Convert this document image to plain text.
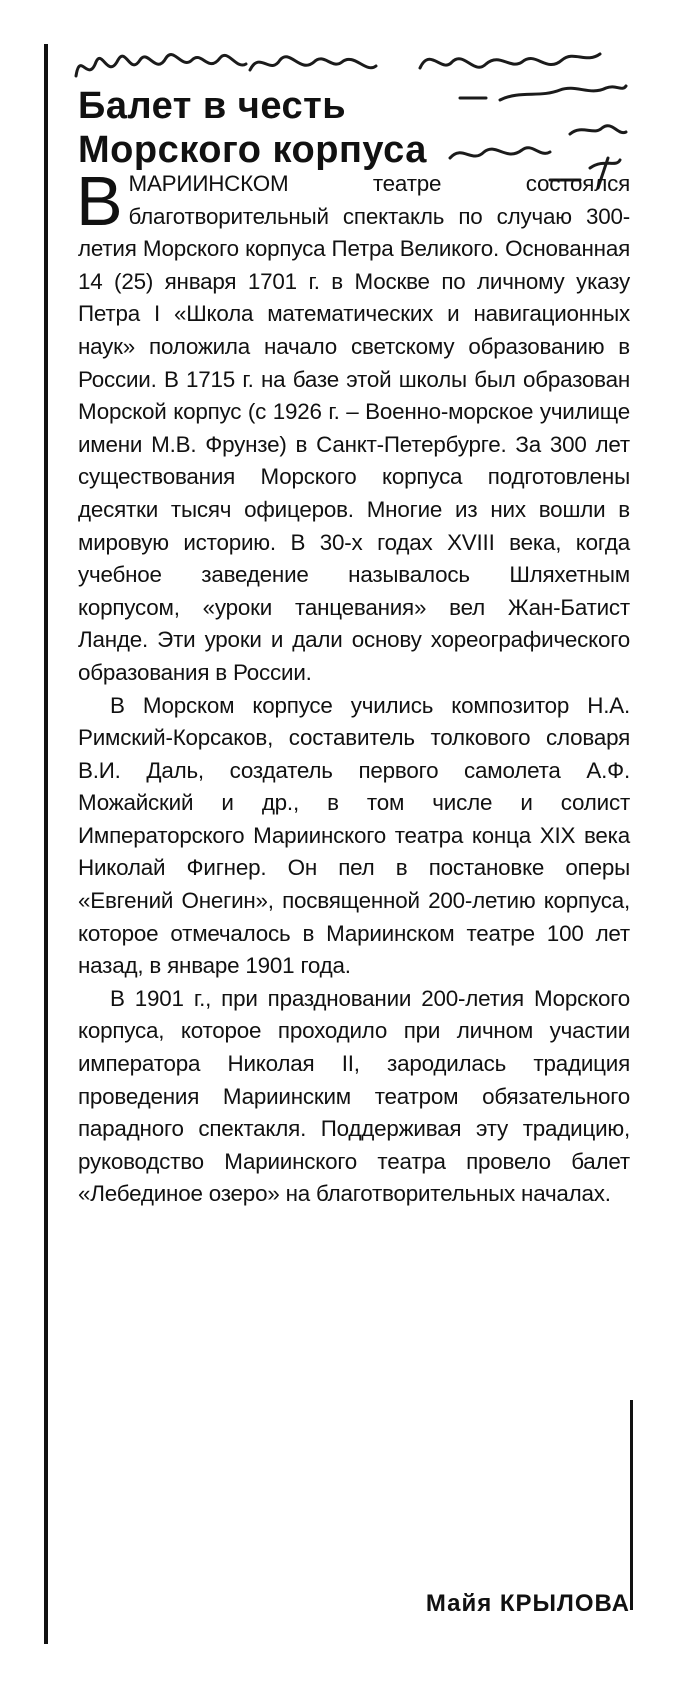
Балет в честь
Морского корпуса

ВМАРИИНСКОМ театре состоялся благотворительный спектакль по случаю 300-летия Морского корпуса Петра Великого. Основанная 14 (25) января 1701 г. в Москве по личному указу Петра I «Школа математических и навигационных наук» положила начало светскому образованию в России. В 1715 г. на базе этой школы был образован Морской корпус (с 1926 г. – Военно-морское училище имени М.В. Фрунзе) в Санкт-Петербурге. За 300 лет существования Морского корпуса подготовлены десятки тысяч офицеров. Многие из них вошли в мировую историю. В 30-х годах XVIII века, когда учебное заведение называлось Шляхетным корпусом, «уроки танцевания» вел Жан-Батист Ланде. Эти уроки и дали основу хореографического образования в России.

В Морском корпусе учились композитор Н.А. Римский-Корсаков, составитель толкового словаря В.И. Даль, создатель первого самолета А.Ф. Можайский и др., в том числе и солист Императорского Мариинского театра конца XIX века Николай Фигнер. Он пел в постановке оперы «Евгений Онегин», посвященной 200-летию корпуса, которое отмечалось в Мариинском театре 100 лет назад, в январе 1901 года.

В 1901 г., при праздновании 200-летия Морского корпуса, которое проходило при личном участии императора Николая II, зародилась традиция проведения Мариинским театром обязательного парадного спектакля. Поддерживая эту традицию, руководство Мариинского театра провело балет «Лебединое озеро» на благотворительных началах.

Майя КРЫЛОВА
